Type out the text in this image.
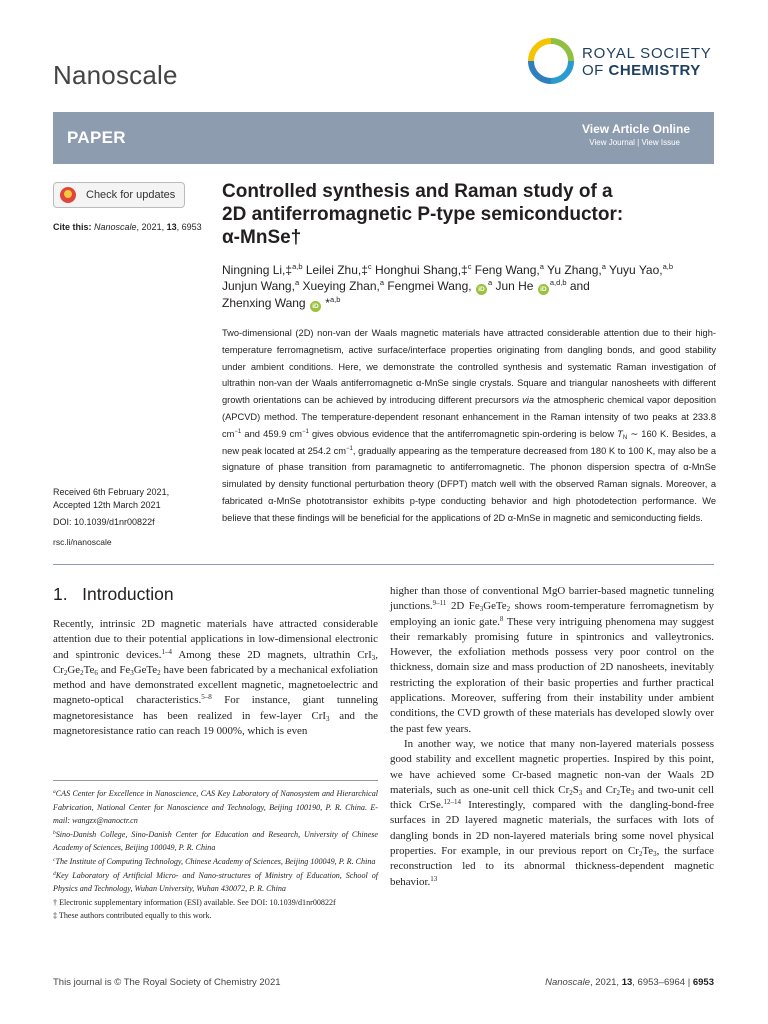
Nanoscale
ROYAL SOCIETY
OF CHEMISTRY
PAPER	View Article Online
View Journal | View Issue
Check for updates
Cite this: Nanoscale, 2021, 13, 6953
Controlled synthesis and Raman study of a
2D antiferromagnetic P-type semiconductor:
α-MnSe†
Ningning Li,‡$^{a,b}$ Leilei Zhu,‡$^c$ Honghui Shang,‡$^c$ Feng Wang,$^a$ Yu Zhang,$^a$ Yuyu Yao,$^{a,b}$
Junjun Wang,$^a$ Xueying Zhan,$^a$ Fengmei Wang, $iD^a$ Jun He iD$^{a,d,b}$ and
Zhenxing Wang iD *$^{a,b}$
Two-dimensional (2D) non-van der Waals magnetic materials have attracted considerable attention due to their high-temperature ferromagnetism, active surface/interface properties originating from dangling bonds, and good stability under ambient conditions. Here, we demonstrate the controlled synthesis and systematic Raman investigation of ultrathin non-van der Waals antiferromagnetic α-MnSe single crystals. Square and triangular nanosheets with different growth orientations can be achieved by introducing different precursors via the atmospheric chemical vapor deposition (APCVD) method. The temperature-dependent resonant enhancement in the Raman intensity of two peaks at 233.8 $cm^{-1}$ and 459.9 $cm^{-1}$ gives obvious evidence that the antiferromagnetic spin-ordering is below $T_N$ ∼ 160 K. Besides, a new peak located at 254.2 $cm^{-1}$, gradually appearing as the temperature decreased from 180 K to 100 K, may also be a signature of phase transition from paramagnetic to antiferromagnetic. The phonon dispersion spectra of α-MnSe simulated by density functional perturbation theory (DFPT) match well with the observed Raman signals. Moreover, a fabricated α-MnSe phototransistor exhibits p-type conducting behavior and high photodetection performance. We believe that these findings will be beneficial for the applications of 2D α-MnSe in magnetic and semiconducting fields.
Received 6th February 2021,
Accepted 12th March 2021
DOI: 10.1039/d1nr00822f
rsc.li/nanoscale
1.   Introduction

Recently, intrinsic 2D magnetic materials have attracted considerable attention due to their potential applications in low-dimensional electronic and spintronic devices.$^{1-4}$ Among these 2D magnets, ultrathin CrI$_3$, $Cr_2Ge_2Te_6$ and $Fe_3GeTe_2$ have been fabricated by a mechanical exfoliation method and have demonstrated excellent magnetic, magnetoelectric and magneto-optical characteristics.$^{5-8}$ For instance, giant tunneling magnetoresistance has been realized in few-layer CrI$_3$ and the magnetoresistance ratio can reach 19 000%, which is even

$^a$CAS Center for Excellence in Nanoscience, CAS Key Laboratory of Nanosystem and Hierarchical Fabrication, National Center for Nanoscience and Technology, Beijing 100190, P. R. China. E-mail: wangzx@nanoctr.cn

$^b$Sino-Danish College, Sino-Danish Center for Education and Research, University of Chinese Academy of Sciences, Beijing 100049, P. R. China

$^c$The Institute of Computing Technology, Chinese Academy of Sciences, Beijing 100049, P. R. China

$^d$Key Laboratory of Artificial Micro- and Nano-structures of Ministry of Education, School of Physics and Technology, Wuhan University, Wuhan 430072, P. R. China

† Electronic supplementary information (ESI) available. See DOI: 10.1039/d1nr00822f

‡ These authors contributed equally to this work.

higher than those of conventional MgO barrier-based magnetic tunneling junctions.$^{9-11}$ 2D $Fe_3GeTe_2$ shows room-temperature ferromagnetism by employing an ionic gate.$^8$ These very intriguing phenomena may suggest their remarkably promising future in spintronics and valleytronics. However, the exfoliation methods possess very poor control on the thickness, domain size and mass production of 2D nanosheets, inevitably restricting the exploration of their basic properties and further practical applications. Moreover, suffering from their instability under ambient conditions, the CVD growth of these materials has developed slowly over the past few years.

In another way, we notice that many non-layered materials possess good stability and excellent magnetic properties. Inspired by this point, we have achieved some Cr-based magnetic non-van der Waals 2D materials, such as one-unit cell thick $Cr_2S_3$ and $Cr_2Te_3$ and two-unit cell thick CrSe.$^{12-14}$ Interestingly, compared with the dangling-bond-free surfaces in 2D layered magnetic materials, the surfaces with lots of dangling bonds in 2D non-layered materials bring some novel physical properties. For example, in our previous report on $Cr_2Te_3$, the surface reconstruction led to its abnormal thickness-dependent magnetic behavior.$^{13}$

This journal is © The Royal Society of Chemistry 2021	Nanoscale, 2021, 13, 6953–6964 | 6953
